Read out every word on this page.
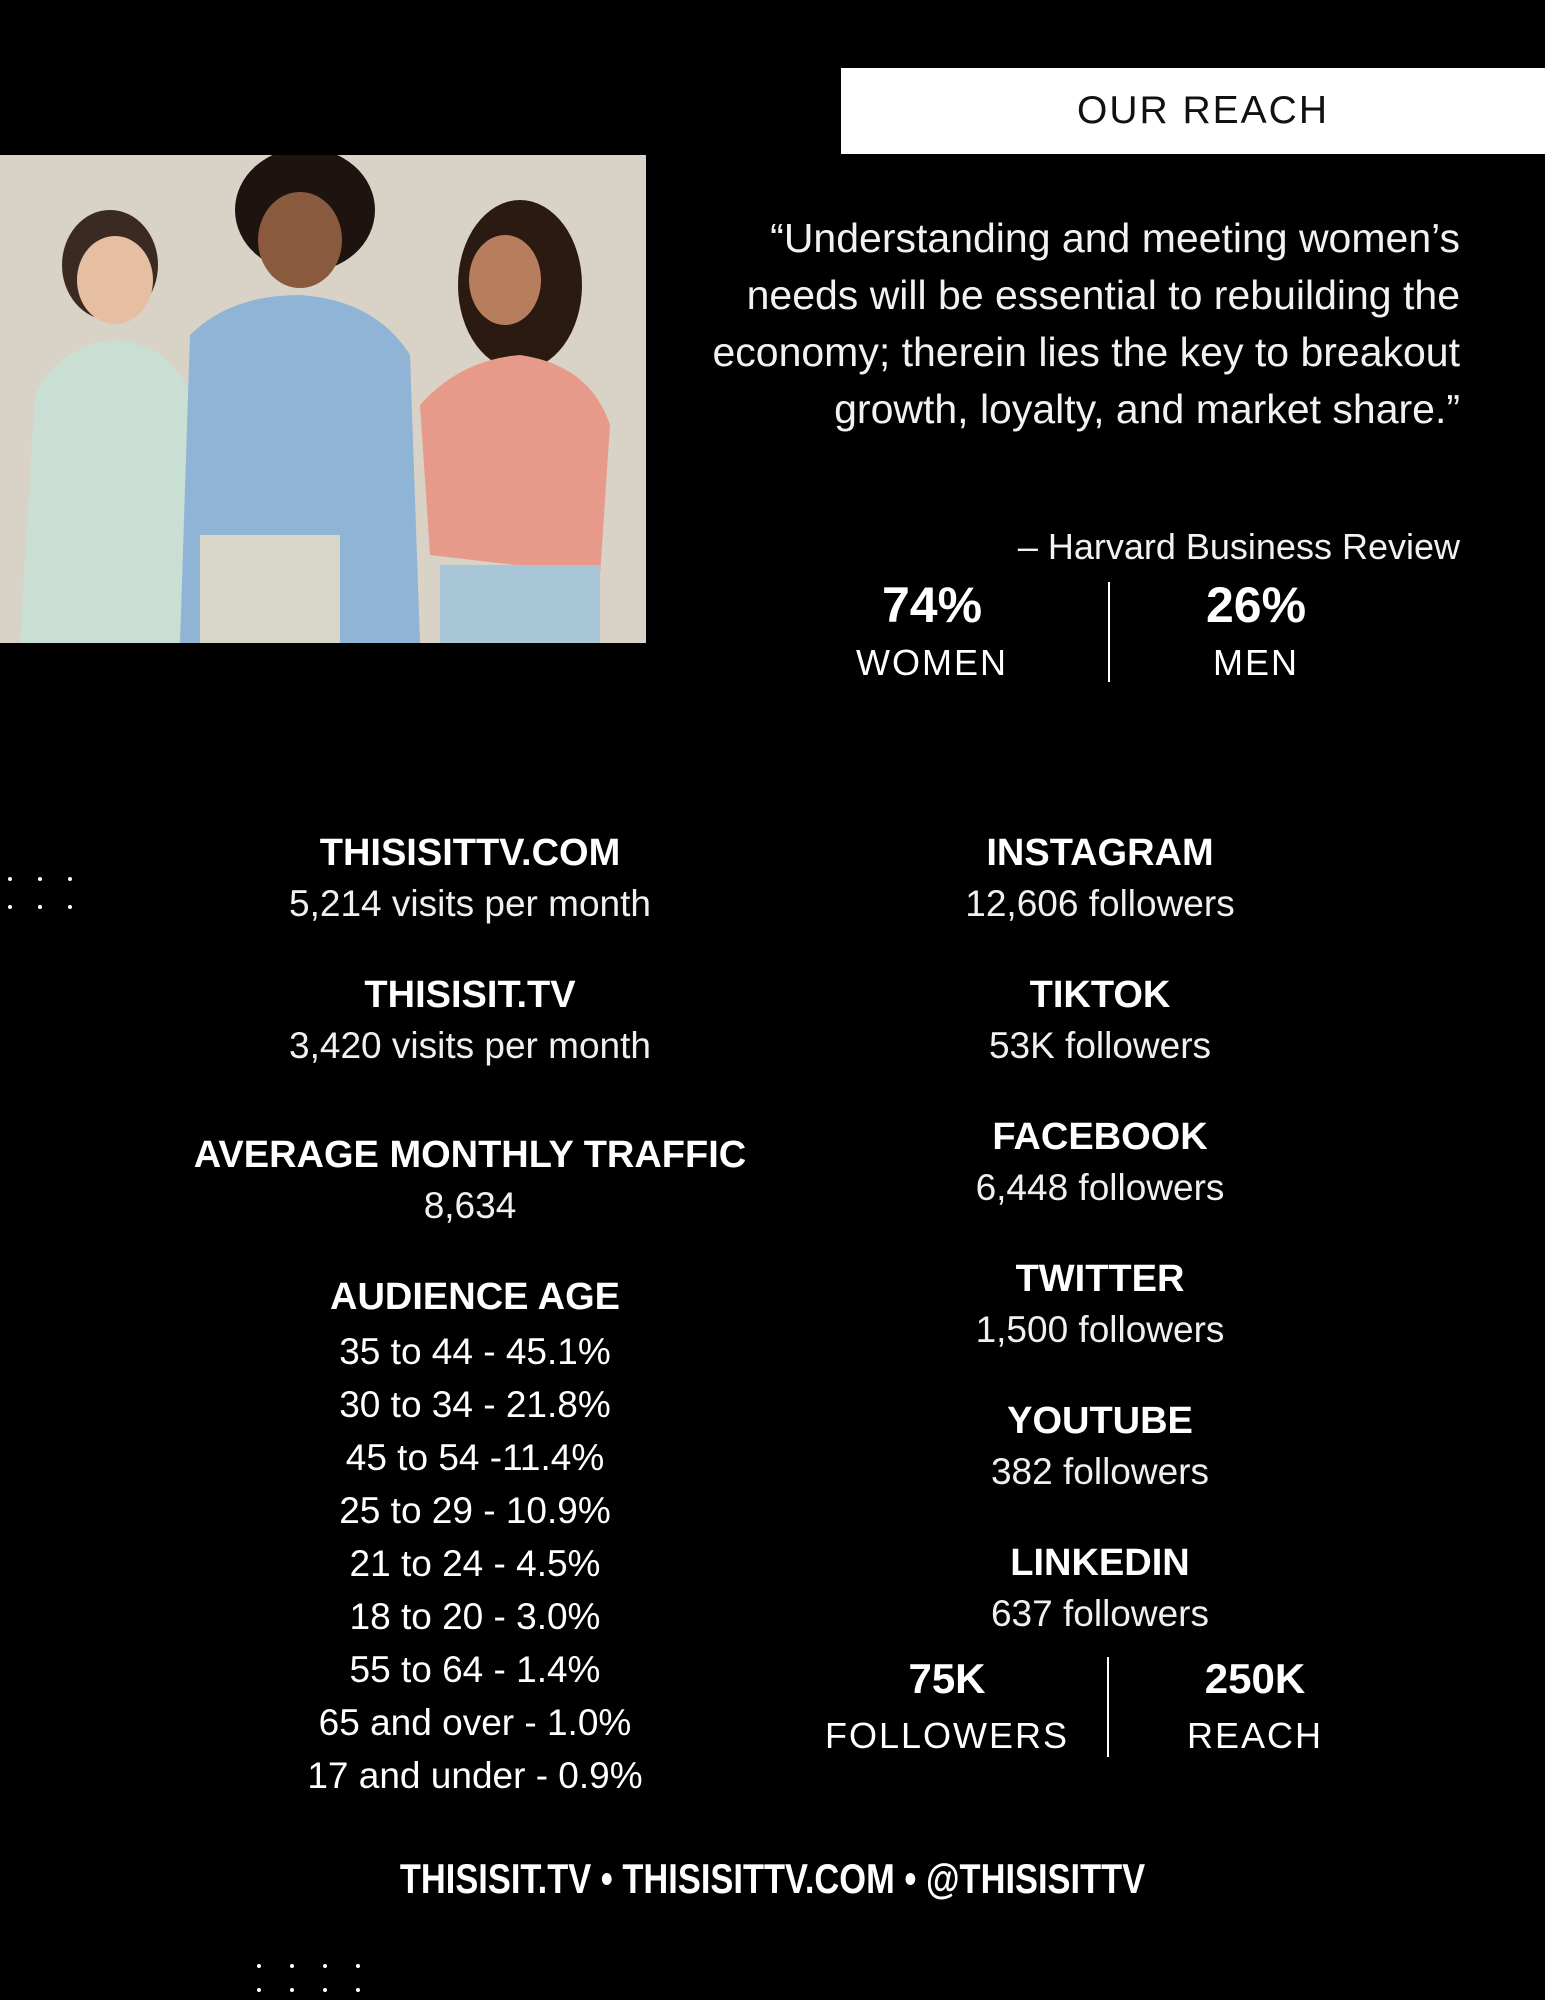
OUR REACH
“Understanding and meeting women’s needs will be essential to rebuilding the economy; therein lies the key to breakout growth, loyalty, and market share.”
– Harvard Business Review
74%
WOMEN
26%
MEN
THISISITTV.COM
5,214 visits per month
THISISIT.TV
3,420 visits per month
AVERAGE MONTHLY TRAFFIC
8,634
AUDIENCE AGE
35 to 44 - 45.1%
30 to 34 - 21.8%
45 to 54 -11.4%
25 to 29 - 10.9%
21 to 24 - 4.5%
18 to 20 - 3.0%
55 to 64 - 1.4%
65 and over - 1.0%
17 and under - 0.9%
INSTAGRAM
12,606 followers
TIKTOK
53K followers
FACEBOOK
6,448 followers
TWITTER
1,500 followers
YOUTUBE
382 followers
LINKEDIN
637 followers
75K
FOLLOWERS
250K
REACH
THISISIT.TV • THISISITTV.COM • @THISISITTV
